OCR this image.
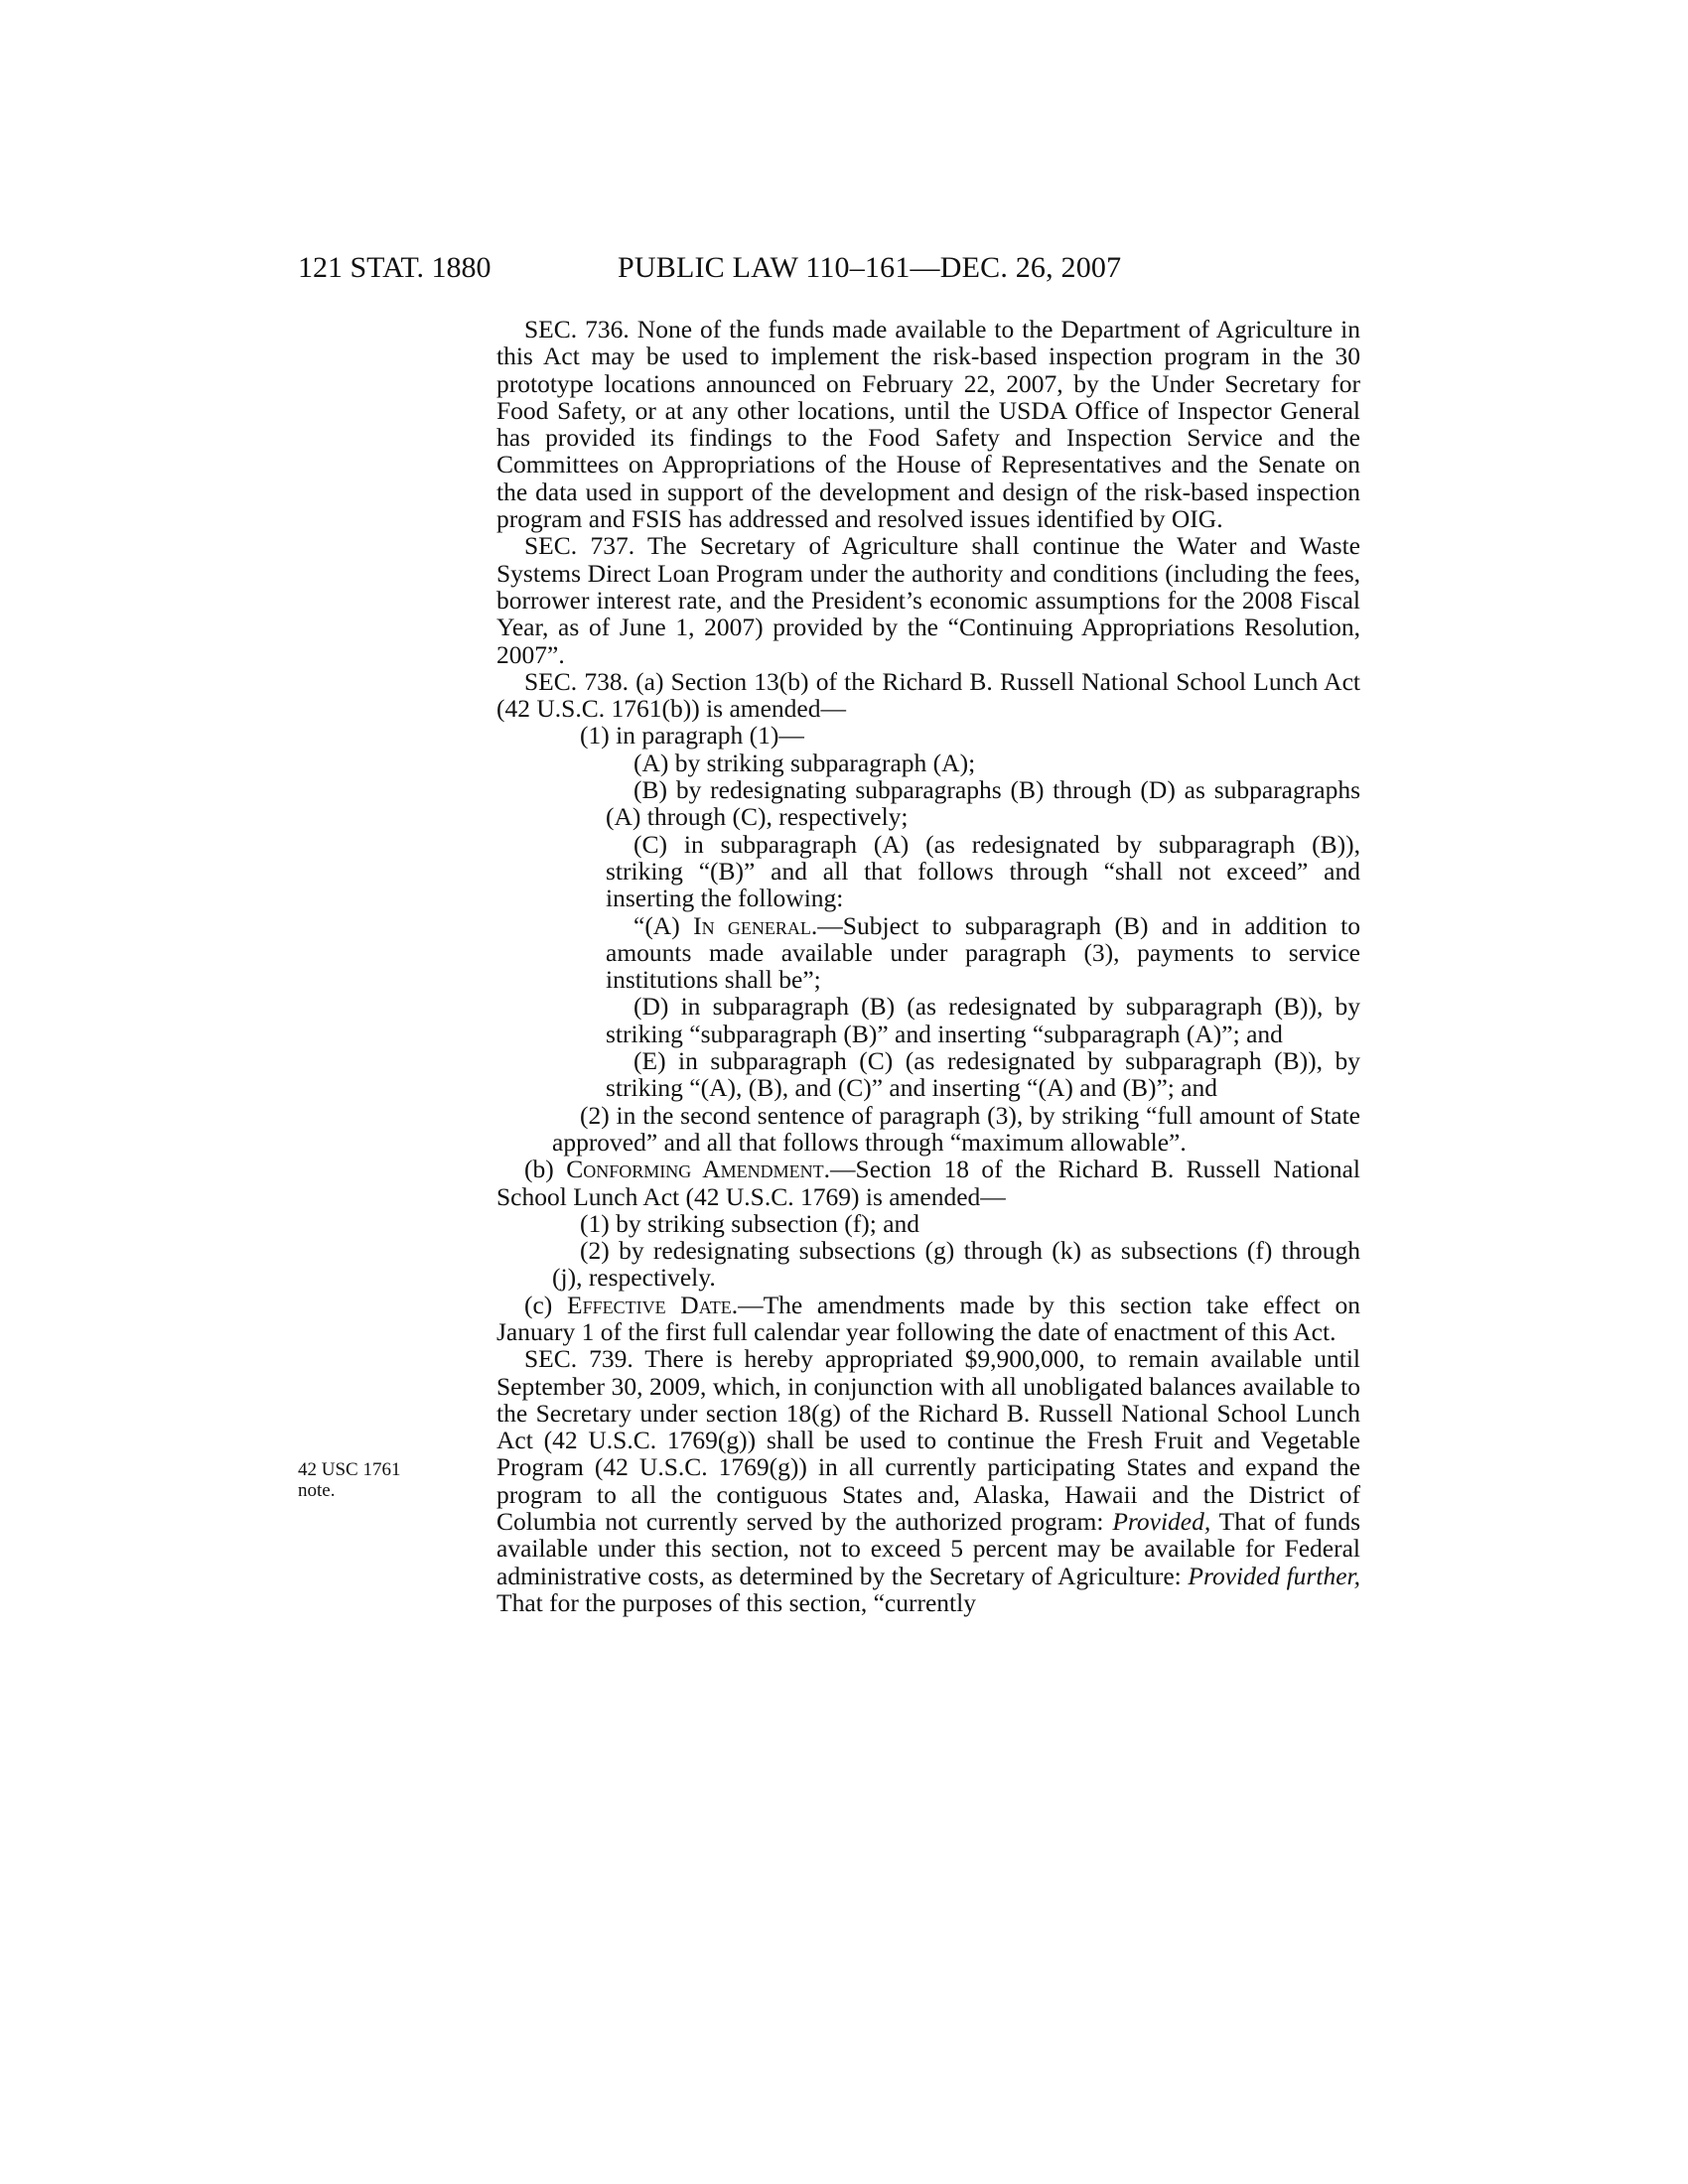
121 STAT. 1880	PUBLIC LAW 110–161—DEC. 26, 2007
42 USC 1761
note.

SEC. 736. None of the funds made available to the Department of Agriculture in this Act may be used to implement the risk-based inspection program in the 30 prototype locations announced on February 22, 2007, by the Under Secretary for Food Safety, or at any other locations, until the USDA Office of Inspector General has provided its findings to the Food Safety and Inspection Service and the Committees on Appropriations of the House of Representatives and the Senate on the data used in support of the development and design of the risk-based inspection program and FSIS has addressed and resolved issues identified by OIG.

SEC. 737. The Secretary of Agriculture shall continue the Water and Waste Systems Direct Loan Program under the authority and conditions (including the fees, borrower interest rate, and the President’s economic assumptions for the 2008 Fiscal Year, as of June 1, 2007) provided by the “Continuing Appropriations Resolution, 2007”.

SEC. 738. (a) Section 13(b) of the Richard B. Russell National School Lunch Act (42 U.S.C. 1761(b)) is amended—

(1) in paragraph (1)—

(A) by striking subparagraph (A);

(B) by redesignating subparagraphs (B) through (D) as subparagraphs (A) through (C), respectively;

(C) in subparagraph (A) (as redesignated by subparagraph (B)), striking “(B)” and all that follows through “shall not exceed” and inserting the following:

“(A) In general.—Subject to subparagraph (B) and in addition to amounts made available under paragraph (3), payments to service institutions shall be”;

(D) in subparagraph (B) (as redesignated by subparagraph (B)), by striking “subparagraph (B)” and inserting “subparagraph (A)”; and

(E) in subparagraph (C) (as redesignated by subparagraph (B)), by striking “(A), (B), and (C)” and inserting “(A) and (B)”; and

(2) in the second sentence of paragraph (3), by striking “full amount of State approved” and all that follows through “maximum allowable”.

(b) Conforming Amendment.—Section 18 of the Richard B. Russell National School Lunch Act (42 U.S.C. 1769) is amended—

(1) by striking subsection (f); and

(2) by redesignating subsections (g) through (k) as subsections (f) through (j), respectively.

(c) Effective Date.—The amendments made by this section take effect on January 1 of the first full calendar year following the date of enactment of this Act.

SEC. 739. There is hereby appropriated $9,900,000, to remain available until September 30, 2009, which, in conjunction with all unobligated balances available to the Secretary under section 18(g) of the Richard B. Russell National School Lunch Act (42 U.S.C. 1769(g)) shall be used to continue the Fresh Fruit and Vegetable Program (42 U.S.C. 1769(g)) in all currently participating States and expand the program to all the contiguous States and, Alaska, Hawaii and the District of Columbia not currently served by the authorized program: Provided, That of funds available under this section, not to exceed 5 percent may be available for Federal administrative costs, as determined by the Secretary of Agriculture: Provided further, That for the purposes of this section, “currently
